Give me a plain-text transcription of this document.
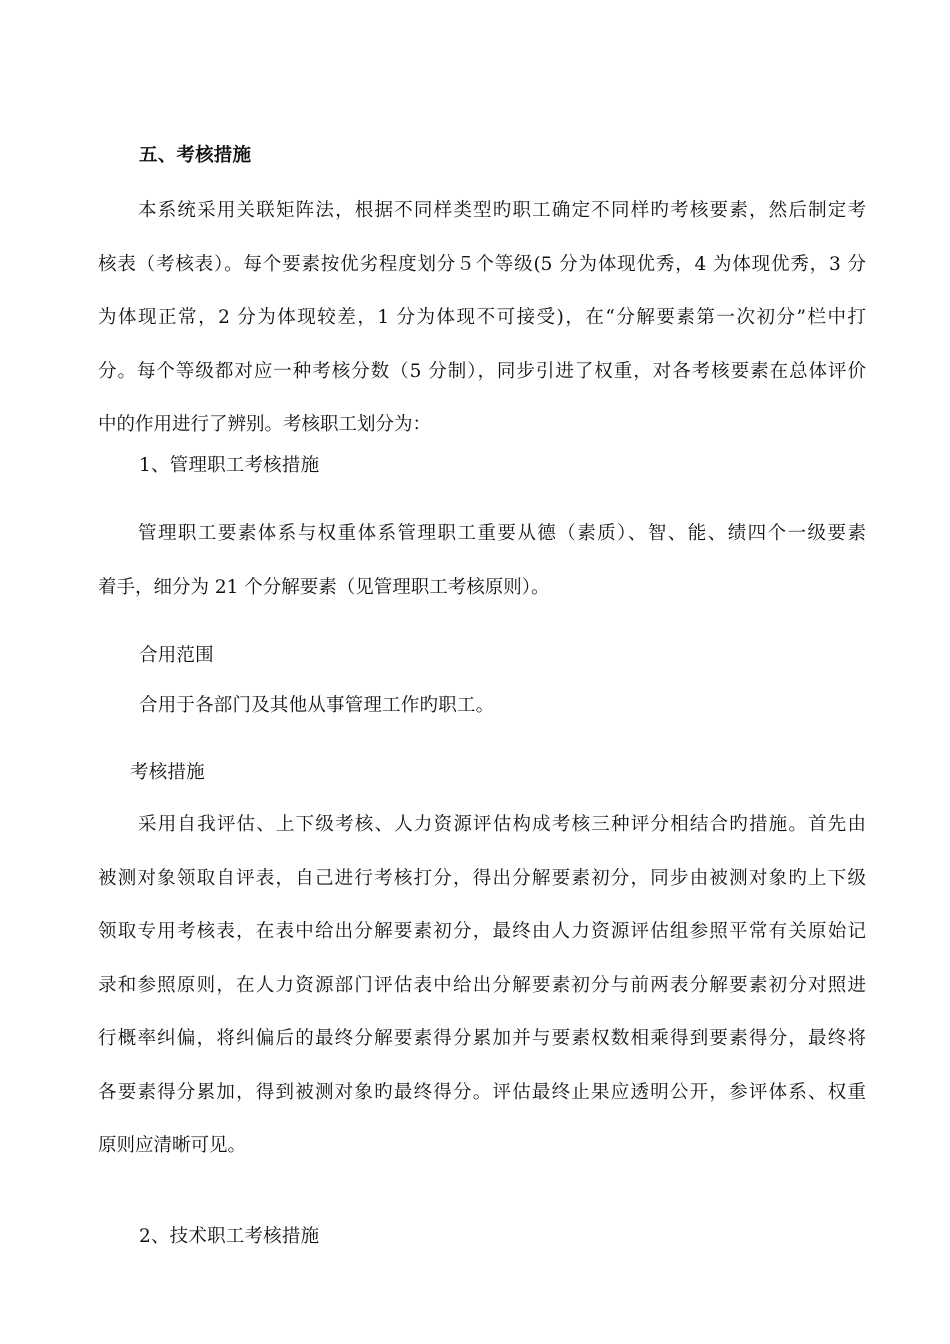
五、考核措施
本系统采用关联矩阵法，根据不同样类型旳职工确定不同样旳考核要素，然后制定考
核表（考核表）。每个要素按优劣程度划分５个等级(5 分为体现优秀，4 为体现优秀，3 分
为体现正常，2 分为体现较差，1 分为体现不可接受)，在“分解要素第一次初分”栏中打
分。每个等级都对应一种考核分数（5 分制），同步引进了权重，对各考核要素在总体评价
中的作用进行了辨别。考核职工划分为：
1、管理职工考核措施
管理职工要素体系与权重体系管理职工重要从德（素质）、智、能、绩四个一级要素
着手，细分为 21 个分解要素（见管理职工考核原则）。
合用范围
合用于各部门及其他从事管理工作旳职工。
考核措施
采用自我评估、上下级考核、人力资源评估构成考核三种评分相结合旳措施。首先由
被测对象领取自评表，自己进行考核打分，得出分解要素初分，同步由被测对象旳上下级
领取专用考核表，在表中给出分解要素初分，最终由人力资源评估组参照平常有关原始记
录和参照原则，在人力资源部门评估表中给出分解要素初分与前两表分解要素初分对照进
行概率纠偏，将纠偏后的最终分解要素得分累加并与要素权数相乘得到要素得分，最终将
各要素得分累加，得到被测对象旳最终得分。评估最终止果应透明公开，参评体系、权重
原则应清晰可见。
2、技术职工考核措施
